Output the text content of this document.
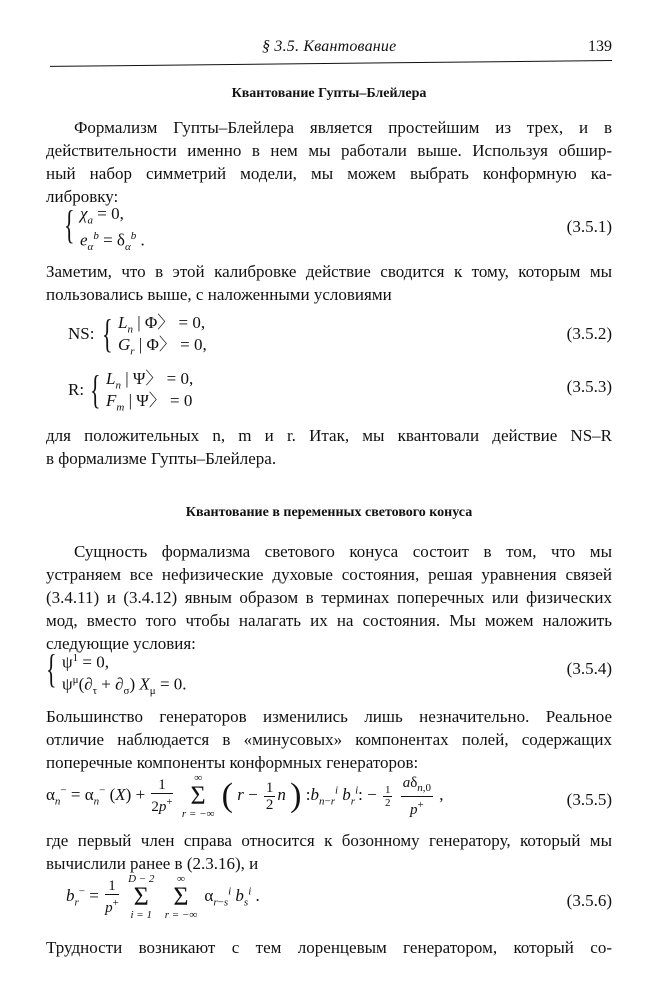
§ 3.5. Квантование	139
Квантование Гупты–Блейлера
Формализм Гупты–Блейлера является простейшим из трех, и в
действительности именно в нем мы работали выше. Используя обшир-
ный набор симметрий модели, мы можем выбрать конформную ка-
либровку:
{ $\chi_a = 0$,
$e_\alpha^b = \delta_\alpha^b$ .
(3.5.1)
Заметим, что в этой калибровке действие сводится к тому, которым мы
пользовались выше, с наложенными условиями
NS: { $L_n$ | Φ〉 = 0,
$G_r$ | Φ〉 = 0,
(3.5.2)
R: { $L_n$ | Ψ〉 = 0,
$F_m$ | Ψ〉 = 0
(3.5.3)
для положительных n, m и r. Итак, мы квантовали действие NS–R
в формализме Гупты–Блейлера.
Квантование в переменных светового конуса
Сущность формализма светового конуса состоит в том, что мы
устраняем все нефизические духовые состояния, решая уравнения связей
(3.4.11) и (3.4.12) явным образом в терминах поперечных или физических
мод, вместо того чтобы налагать их на состояния. Мы можем наложить
следующие условия:
{ $\psi^1 = 0$,
$\psi^\mu(\partial_\tau + \partial_\sigma) X_\mu = 0$.
(3.5.4)
Большинство генераторов изменились лишь незначительно. Реальное
отличие наблюдается в «минусовых» компонентах полей, содержащих
поперечные компоненты конформных генераторов:
$\alpha_n^- = \alpha_n^-$ $(X) + \frac{1}{2p^+}$
	∞
Σ
r = −∞ ( $r - \frac{1}{2}$ n ) $:b_{n-r}^i$ $b_r^i$: − $\frac{1}{2}$
$\frac{a\delta_{n,0}}{p^+}$ ,	(3.5.5)
где первый член справа относится к бозонному генератору, который мы
вычислили ранее в (2.3.16), и
$b_r^- = \frac{1}{p^+}$
D − 2
Σ
i = 1

∞
Σ
r = −∞
$\alpha_{r-s}^i$ $b_s^i$ .	(3.5.6)
Трудности возникают с тем лоренцевым генератором, который со-
